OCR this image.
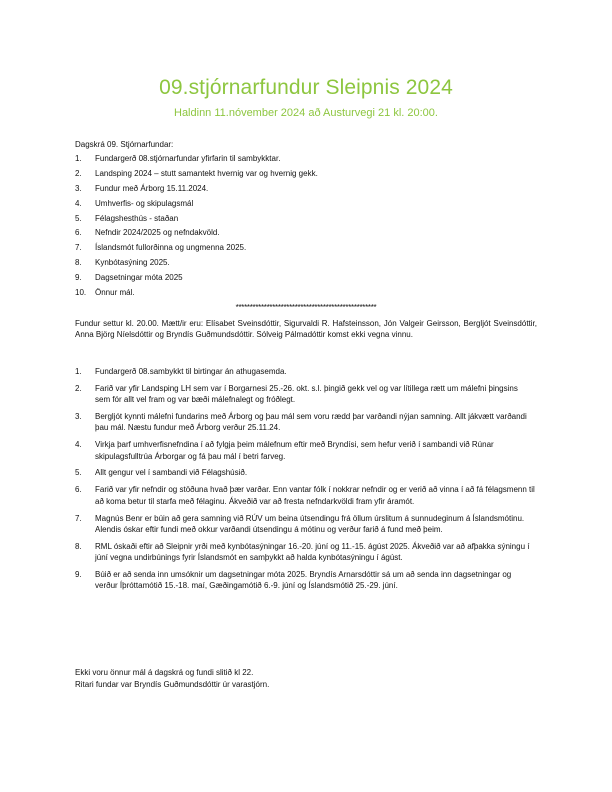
09.stjórnarfundur Sleipnis 2024
Haldinn 11.nóvember 2024 að Austurvegi 21 kl. 20:00.
Dagskrá 09. Stjórnarfundar:
1.	Fundargerð 08.stjórnarfundar yfirfarin til sambykktar.
2.	Landsping 2024 – stutt samantekt hvernig var og hvernig gekk.
3.	Fundur með Árborg 15.11.2024.
4.	Umhverfis- og skipulagsmál
5.	Félagshesthús - staðan
6.	Nefndir 2024/2025 og nefndakvöld.
7.	Íslandsmót fullorðinna og ungmenna 2025.
8.	Kynbótasýning 2025.
9.	Dagsetningar móta 2025
10.	Önnur mál.
**************************************************

Fundur settur kl. 20.00. Mætt/ir eru: Elísabet Sveinsdóttir, Sigurvaldi R. Hafsteinsson, Jón Valgeir Geirsson, Bergljót Sveinsdóttir, Anna Björg Níelsdóttir og Bryndís Guðmundsdóttir. Sólveig Pálmadóttir komst ekki vegna vinnu.

1.	Fundargerð 08.sambykkt til birtingar án athugasemda.
2.	Farið var yfir Landsping LH sem var í Borgarnesi 25.-26. okt. s.l. þingið gekk vel og var lítillega rætt um málefni þingsins sem fór allt vel fram og var bæði málefnalegt og fróðlegt.
3.	Bergljót kynnti málefni fundarins með Árborg og þau mál sem voru rædd þar varðandi nýjan samning. Allt jákvætt varðandi þau mál. Næstu fundur með Árborg verður 25.11.24.
4.	Virkja þarf umhverfisnefndina í að fylgja þeim málefnum eftir með Bryndísi, sem hefur verið í sambandi við Rúnar skipulagsfulltrúa Árborgar og fá þau mál í betri farveg.
5.	Allt gengur vel í sambandi við Félagshúsið.
6.	Farið var yfir nefndir og stöðuna hvað þær varðar. Enn vantar fólk í nokkrar nefndir og er verið að vinna í að fá félagsmenn til að koma betur til starfa með félaginu. Ákveðið var að fresta nefndarkvöldi fram yfir áramót.
7.	Magnús Benr er búin að gera samning við RÚV um beina útsendingu frá öllum úrslitum á sunnudeginum á Íslandsmótinu. Alendis óskar eftir fundi með okkur varðandi útsendingu á mótinu og verður farið á fund með þeim.
8.	RML óskaði eftir að Sleipnir yrði með kynbótasýningar 16.-20. júní og 11.-15. ágúst 2025. Ákveðið var að afþakka sýningu í júní vegna undirbúnings fyrir Íslandsmót en samþykkt að halda kynbótasýningu í ágúst.
9.	Búið er að senda inn umsóknir um dagsetningar móta 2025. Bryndís Arnarsdóttir sá um að senda inn dagsetningar og verður Íþróttamótið 15.-18. maí, Gæðingamótið 6.-9. júní og Íslandsmótið 25.-29. júní.
Ekki voru önnur mál á dagskrá og fundi slitið kl 22.
Ritari fundar var Bryndís Guðmundsdóttir úr varastjórn.
